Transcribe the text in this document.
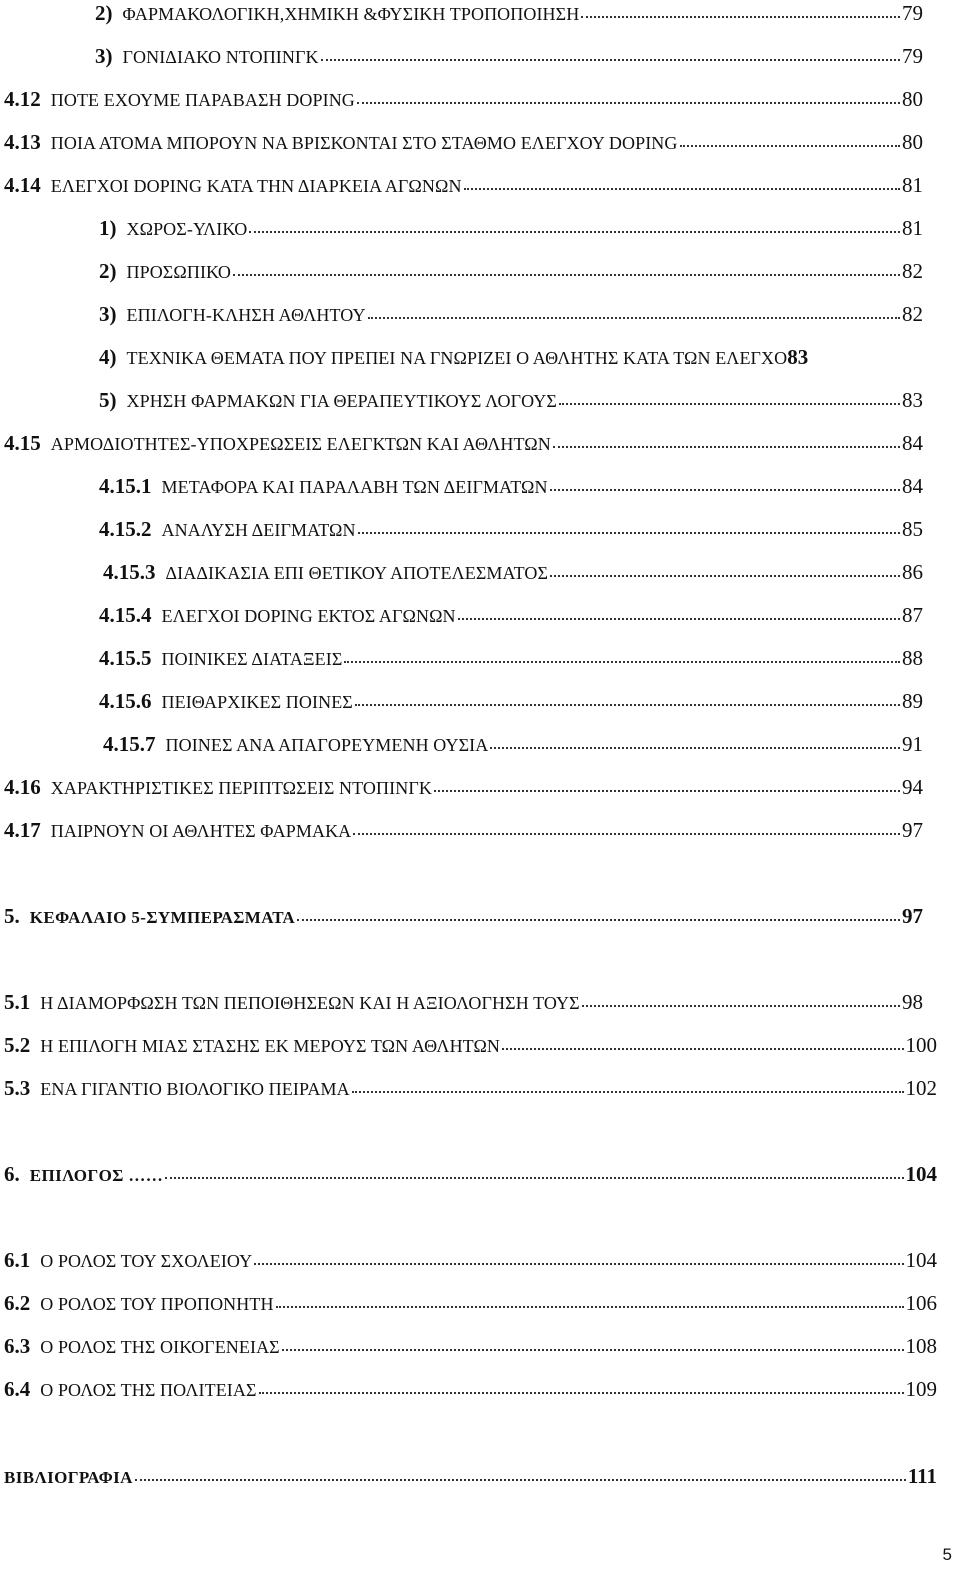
2) ΦΑΡΜΑΚΟΛΟΓΙΚΗ,ΧΗΜΙΚΗ &ΦΥΣΙΚΗ ΤΡΟΠΟΠΟΙΗΣΗ	79
3) ΓΟΝΙΔΙΑΚΟ ΝΤΟΠΙΝΓΚ	79
4.12 ΠΟΤΕ ΕΧΟΥΜΕ ΠΑΡΑΒΑΣΗ DOPING	80
4.13 ΠΟΙΑ ΑΤΟΜΑ ΜΠΟΡΟΥΝ ΝΑ ΒΡΙΣΚΟΝΤΑΙ ΣΤΟ ΣΤΑΘΜΟ ΕΛΕΓΧΟΥ DOPING	80
4.14 ΕΛΕΓΧΟΙ DOPING ΚΑΤΑ ΤΗΝ ΔΙΑΡΚΕΙΑ ΑΓΩΝΩΝ	81
1) ΧΩΡΟΣ-ΥΛΙΚΟ	81
2) ΠΡΟΣΩΠΙΚΟ	82
3) ΕΠΙΛΟΓΗ-ΚΛΗΣΗ ΑΘΛΗΤΟΥ	82
4) ΤΕΧΝΙΚΑ ΘΕΜΑΤΑ ΠΟΥ ΠΡΕΠΕΙ ΝΑ ΓΝΩΡΙΖΕΙ Ο ΑΘΛΗΤΗΣ ΚΑΤΑ ΤΩΝ ΕΛΕΓΧΟ 83
5) ΧΡΗΣΗ ΦΑΡΜΑΚΩΝ ΓΙΑ ΘΕΡΑΠΕΥΤΙΚΟΥΣ ΛΟΓΟΥΣ	83
4.15 ΑΡΜΟΔΙΟΤΗΤΕΣ-ΥΠΟΧΡΕΩΣΕΙΣ ΕΛΕΓΚΤΩΝ ΚΑΙ ΑΘΛΗΤΩΝ	84
4.15.1 ΜΕΤΑΦΟΡΑ ΚΑΙ ΠΑΡΑΛΑΒΗ ΤΩΝ ΔΕΙΓΜΑΤΩΝ	84
4.15.2 ΑΝΑΛΥΣΗ ΔΕΙΓΜΑΤΩΝ	85
4.15.3 ΔΙΑΔΙΚΑΣΙΑ ΕΠΙ ΘΕΤΙΚΟΥ ΑΠΟΤΕΛΕΣΜΑΤΟΣ	86
4.15.4 ΕΛΕΓΧΟΙ DOPING ΕΚΤΟΣ ΑΓΩΝΩΝ	87
4.15.5 ΠΟΙΝΙΚΕΣ ΔΙΑΤΑΞΕΙΣ	88
4.15.6 ΠΕΙΘΑΡΧΙΚΕΣ ΠΟΙΝΕΣ	89
4.15.7 ΠΟΙΝΕΣ ΑΝΑ ΑΠΑΓΟΡΕΥΜΕΝΗ ΟΥΣΙΑ	91
4.16 ΧΑΡΑΚΤΗΡΙΣΤΙΚΕΣ ΠΕΡΙΠΤΩΣΕΙΣ ΝΤΟΠΙΝΓΚ	94
4.17 ΠΑΙΡΝΟΥΝ ΟΙ ΑΘΛΗΤΕΣ ΦΑΡΜΑΚΑ	97
5. ΚΕΦΑΛΑΙΟ 5-ΣΥΜΠΕΡΑΣΜΑΤΑ	97
5.1 Η ΔΙΑΜΟΡΦΩΣΗ ΤΩΝ ΠΕΠΟΙΘΗΣΕΩΝ ΚΑΙ Η ΑΞΙΟΛΟΓΗΣΗ ΤΟΥΣ	98
5.2 Η ΕΠΙΛΟΓΗ ΜΙΑΣ ΣΤΑΣΗΣ ΕΚ ΜΕΡΟΥΣ ΤΩΝ ΑΘΛΗΤΩΝ	100
5.3 ΕΝΑ ΓΙΓΑΝΤΙΟ ΒΙΟΛΟΓΙΚΟ ΠΕΙΡΑΜΑ	102
6. ΕΠΙΛΟΓΟΣ ……	104
6.1 Ο ΡΟΛΟΣ ΤΟΥ ΣΧΟΛΕΙΟΥ	104
6.2 Ο ΡΟΛΟΣ ΤΟΥ ΠΡΟΠΟΝΗΤΗ	106
6.3 Ο ΡΟΛΟΣ ΤΗΣ ΟΙΚΟΓΕΝΕΙΑΣ	108
6.4 Ο ΡΟΛΟΣ ΤΗΣ ΠΟΛΙΤΕΙΑΣ	109
ΒΙΒΛΙΟΓΡΑΦΙΑ	111
5
